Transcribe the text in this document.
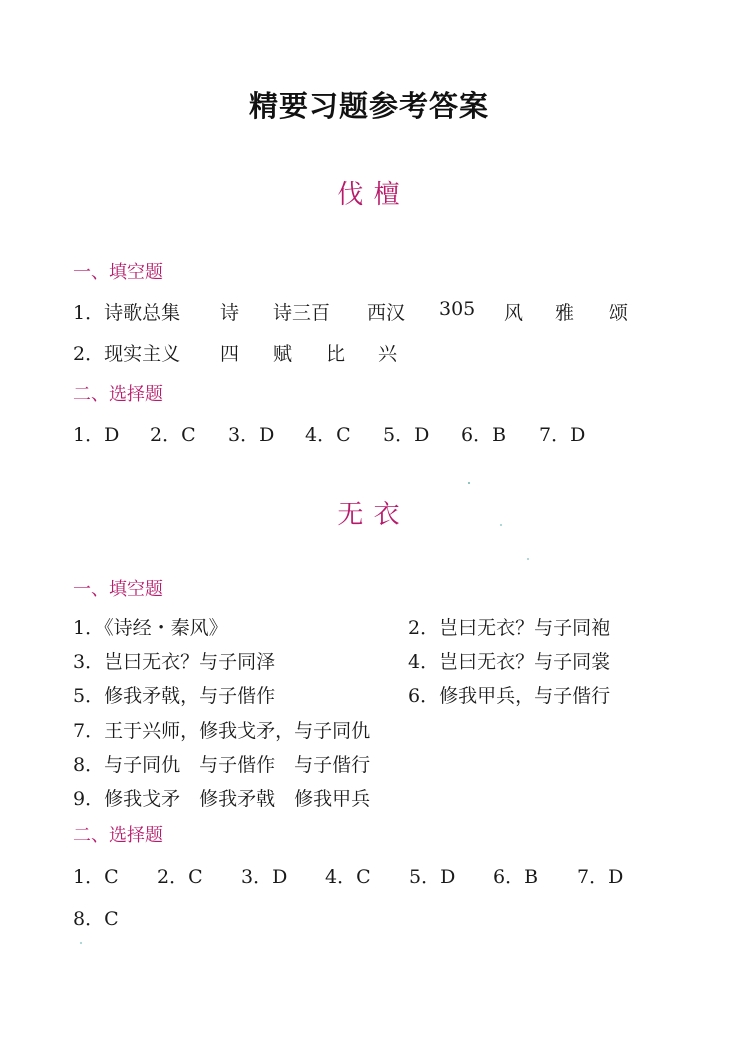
精要习题参考答案
伐 檀
一、填空题
1．诗歌总集 诗 诗三百 西汉 305 风 雅 颂
2．现实主义 四 赋 比 兴
二、选择题
1．D 2．C 3．D 4．C 5．D 6．B 7．D
无 衣
一、填空题
1．《诗经・秦风》	2．岂曰无衣？与子同袍
3．岂曰无衣？与子同泽	4．岂曰无衣？与子同裳
5．修我矛戟，与子偕作	6．修我甲兵，与子偕行
7．王于兴师，修我戈矛，与子同仇
8．与子同仇　与子偕作　与子偕行
9．修我戈矛　修我矛戟　修我甲兵
二、选择题
1．C 2．C 3．D 4．C 5．D 6．B 7．D
8．C
